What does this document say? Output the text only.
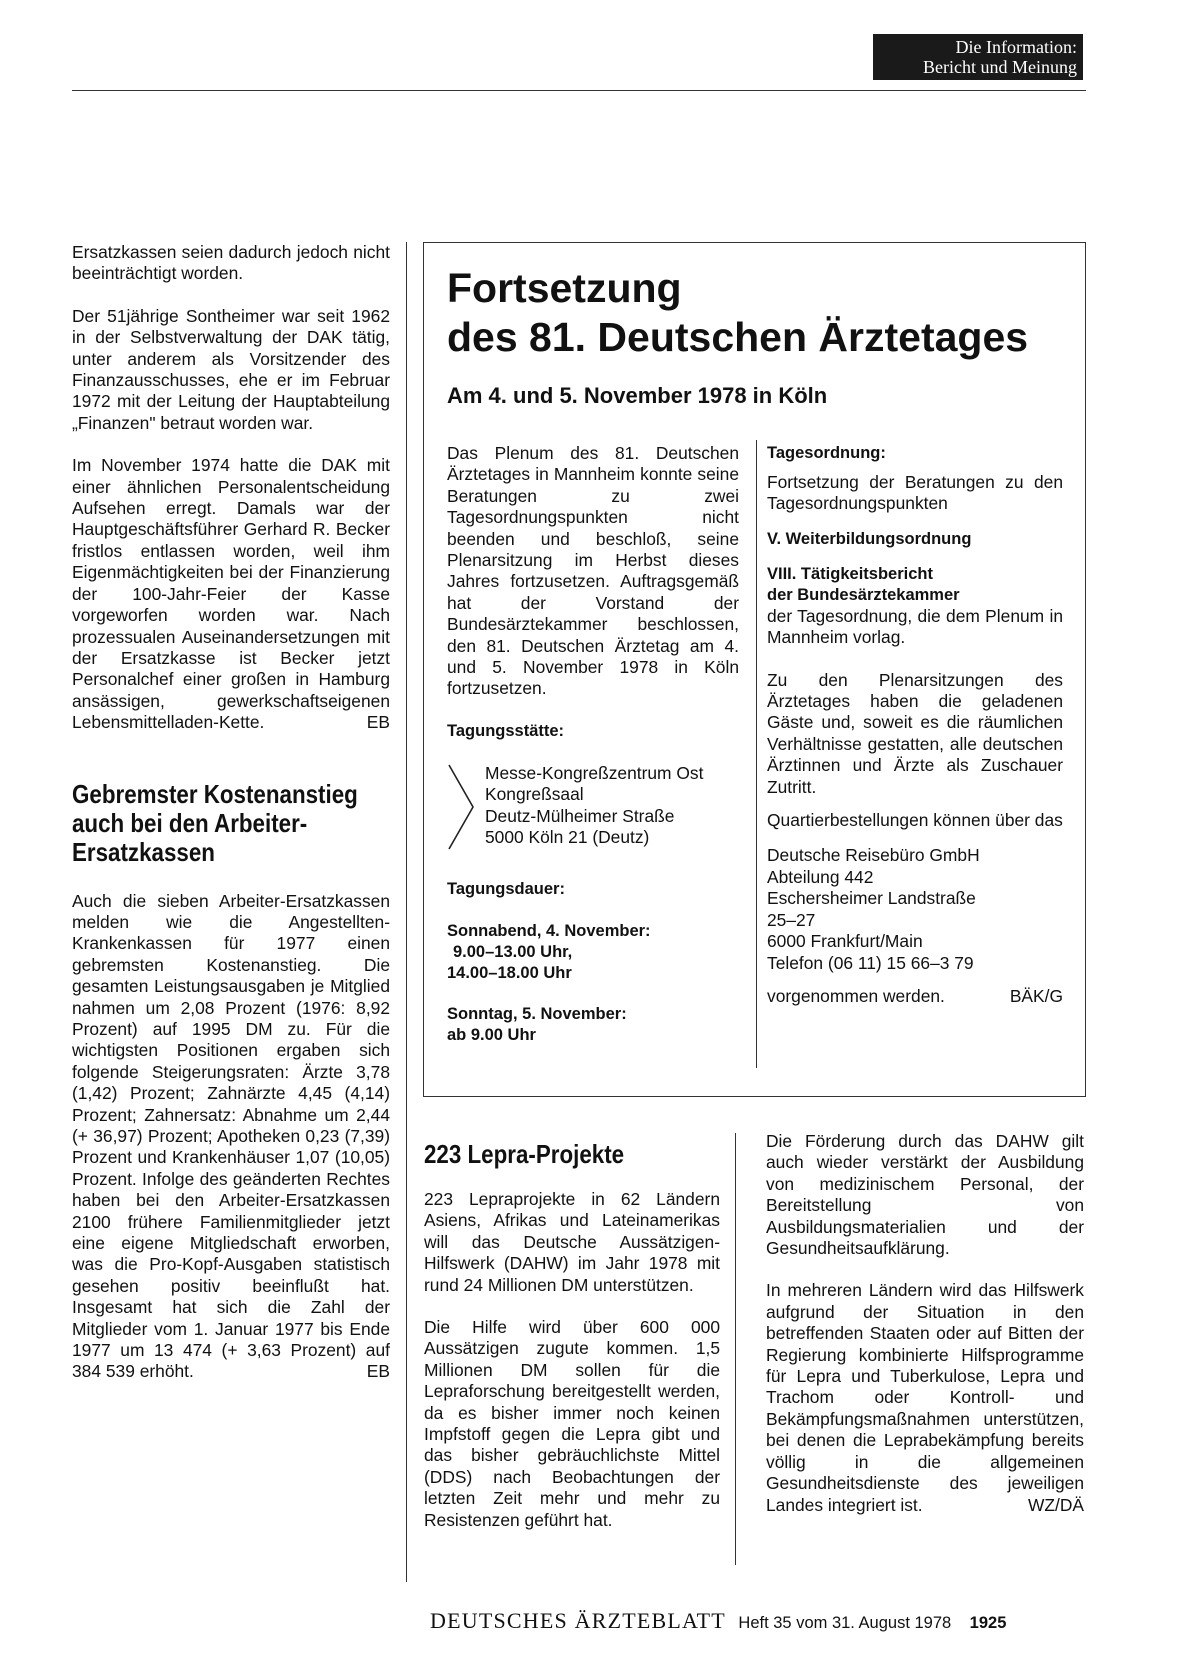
Die Information:
Bericht und Meinung

Ersatzkassen seien dadurch jedoch nicht beeinträchtigt worden.

Der 51jährige Sontheimer war seit 1962 in der Selbstverwaltung der DAK tätig, unter anderem als Vorsitzender des Finanzausschusses, ehe er im Februar 1972 mit der Leitung der Hauptabteilung „Finanzen" betraut worden war.

Im November 1974 hatte die DAK mit einer ähnlichen Personalentscheidung Aufsehen erregt. Damals war der Hauptgeschäftsführer Gerhard R. Becker fristlos entlassen worden, weil ihm Eigenmächtigkeiten bei der Finanzierung der 100-Jahr-Feier der Kasse vorgeworfen worden war. Nach prozessualen Auseinandersetzungen mit der Ersatzkasse ist Becker jetzt Personalchef einer großen in Hamburg ansässigen, gewerkschaftseigenen Lebensmittelladen-Kette.	EB

Gebremster Kostenanstieg auch bei den Arbeiter-Ersatzkassen

Auch die sieben Arbeiter-Ersatzkassen melden wie die Angestellten-Krankenkassen für 1977 einen gebremsten Kostenanstieg. Die gesamten Leistungsausgaben je Mitglied nahmen um 2,08 Prozent (1976: 8,92 Prozent) auf 1995 DM zu. Für die wichtigsten Positionen ergaben sich folgende Steigerungsraten: Ärzte 3,78 (1,42) Prozent; Zahnärzte 4,45 (4,14) Prozent; Zahnersatz: Abnahme um 2,44 (+ 36,97) Prozent; Apotheken 0,23 (7,39) Prozent und Krankenhäuser 1,07 (10,05) Prozent. Infolge des geänderten Rechtes haben bei den Arbeiter-Ersatzkassen 2100 frühere Familienmitglieder jetzt eine eigene Mitgliedschaft erworben, was die Pro-Kopf-Ausgaben statistisch gesehen positiv beeinflußt hat. Insgesamt hat sich die Zahl der Mitglieder vom 1. Januar 1977 bis Ende 1977 um 13 474 (+ 3,63 Prozent) auf 384 539 erhöht.	EB

Fortsetzung
des 81. Deutschen Ärztetages
Am 4. und 5. November 1978 in Köln

Das Plenum des 81. Deutschen Ärztetages in Mannheim konnte seine Beratungen zu zwei Tagesordnungspunkten nicht beenden und beschloß, seine Plenarsitzung im Herbst dieses Jahres fortzusetzen. Auftragsgemäß hat der Vorstand der Bundesärztekammer beschlossen, den 81. Deutschen Ärztetag am 4. und 5. November 1978 in Köln fortzusetzen.

Tagungsstätte:

Messe-Kongreßzentrum Ost
Kongreßsaal
Deutz-Mülheimer Straße
5000 Köln 21 (Deutz)

Tagungsdauer:

Sonnabend, 4. November:
9.00–13.00 Uhr,
14.00–18.00 Uhr
Sonntag, 5. November:
ab 9.00 Uhr

Tagesordnung:

Fortsetzung der Beratungen zu den Tagesordnungspunkten

V. Weiterbildungsordnung

VIII. Tätigkeitsbericht
der Bundesärztekammer

der Tagesordnung, die dem Plenum in Mannheim vorlag.

Zu den Plenarsitzungen des Ärztetages haben die geladenen Gäste und, soweit es die räumlichen Verhältnisse gestatten, alle deutschen Ärztinnen und Ärzte als Zuschauer Zutritt.

Quartierbestellungen können über das

Deutsche Reisebüro GmbH
Abteilung 442
Eschersheimer Landstraße
25–27
6000 Frankfurt/Main
Telefon (06 11) 15 66–3 79

vorgenommen werden.	BÄK/G

223 Lepra-Projekte

223 Lepraprojekte in 62 Ländern Asiens, Afrikas und Lateinamerikas will das Deutsche Aussätzigen-Hilfswerk (DAHW) im Jahr 1978 mit rund 24 Millionen DM unterstützen.

Die Hilfe wird über 600 000 Aussätzigen zugute kommen. 1,5 Millionen DM sollen für die Lepraforschung bereitgestellt werden, da es bisher immer noch keinen Impfstoff gegen die Lepra gibt und das bisher gebräuchlichste Mittel (DDS) nach Beobachtungen der letzten Zeit mehr und mehr zu Resistenzen geführt hat.

Die Förderung durch das DAHW gilt auch wieder verstärkt der Ausbildung von medizinischem Personal, der Bereitstellung von Ausbildungsmaterialien und der Gesundheitsaufklärung.

In mehreren Ländern wird das Hilfswerk aufgrund der Situation in den betreffenden Staaten oder auf Bitten der Regierung kombinierte Hilfsprogramme für Lepra und Tuberkulose, Lepra und Trachom oder Kontroll- und Bekämpfungsmaßnahmen unterstützen, bei denen die Leprabekämpfung bereits völlig in die allgemeinen Gesundheitsdienste des jeweiligen Landes integriert ist.	WZ/DÄ

DEUTSCHES ÄRZTEBLATT Heft 35 vom 31. August 1978 1925
